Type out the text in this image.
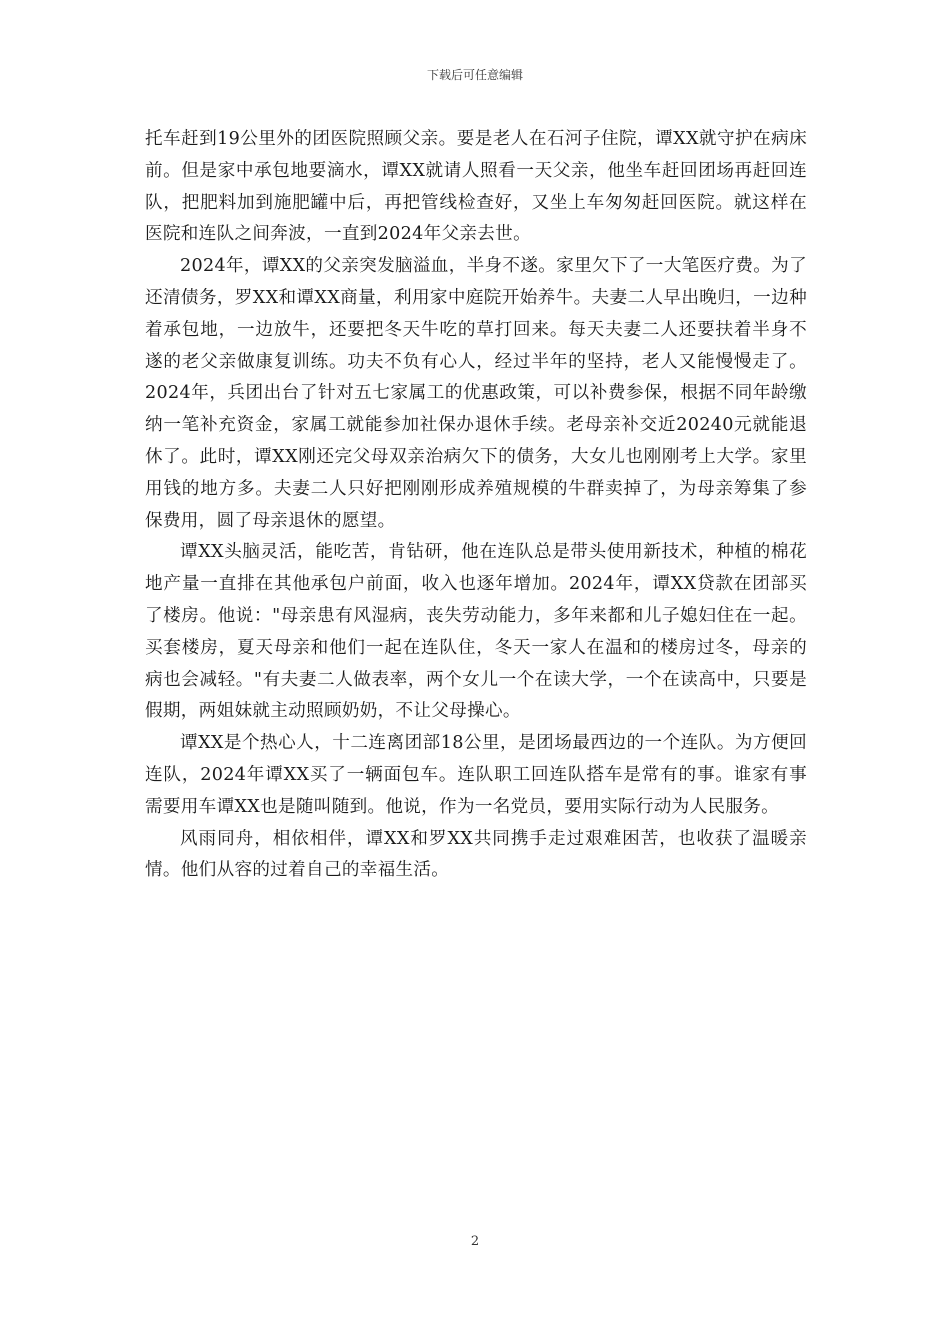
下载后可任意编辑

托车赶到19公里外的团医院照顾父亲。要是老人在石河子住院，谭XX就守护在病床前。但是家中承包地要滴水，谭XX就请人照看一天父亲，他坐车赶回团场再赶回连队，把肥料加到施肥罐中后，再把管线检查好，又坐上车匆匆赶回医院。就这样在医院和连队之间奔波，一直到2024年父亲去世。

2024年，谭XX的父亲突发脑溢血，半身不遂。家里欠下了一大笔医疗费。为了还清债务，罗XX和谭XX商量，利用家中庭院开始养牛。夫妻二人早出晚归，一边种着承包地，一边放牛，还要把冬天牛吃的草打回来。每天夫妻二人还要扶着半身不遂的老父亲做康复训练。功夫不负有心人，经过半年的坚持，老人又能慢慢走了。2024年，兵团出台了针对五七家属工的优惠政策，可以补费参保，根据不同年龄缴纳一笔补充资金，家属工就能参加社保办退休手续。老母亲补交近20240元就能退休了。此时，谭XX刚还完父母双亲治病欠下的债务，大女儿也刚刚考上大学。家里用钱的地方多。夫妻二人只好把刚刚形成养殖规模的牛群卖掉了，为母亲筹集了参保费用，圆了母亲退休的愿望。

谭XX头脑灵活，能吃苦，肯钻研，他在连队总是带头使用新技术，种植的棉花地产量一直排在其他承包户前面，收入也逐年增加。2024年，谭XX贷款在团部买了楼房。他说："母亲患有风湿病，丧失劳动能力，多年来都和儿子媳妇住在一起。买套楼房，夏天母亲和他们一起在连队住，冬天一家人在温和的楼房过冬，母亲的病也会减轻。"有夫妻二人做表率，两个女儿一个在读大学，一个在读高中，只要是假期，两姐妹就主动照顾奶奶，不让父母操心。

谭XX是个热心人，十二连离团部18公里，是团场最西边的一个连队。为方便回连队，2024年谭XX买了一辆面包车。连队职工回连队搭车是常有的事。谁家有事需要用车谭XX也是随叫随到。他说，作为一名党员，要用实际行动为人民服务。

风雨同舟，相依相伴，谭XX和罗XX共同携手走过艰难困苦，也收获了温暖亲情。他们从容的过着自己的幸福生活。

2
